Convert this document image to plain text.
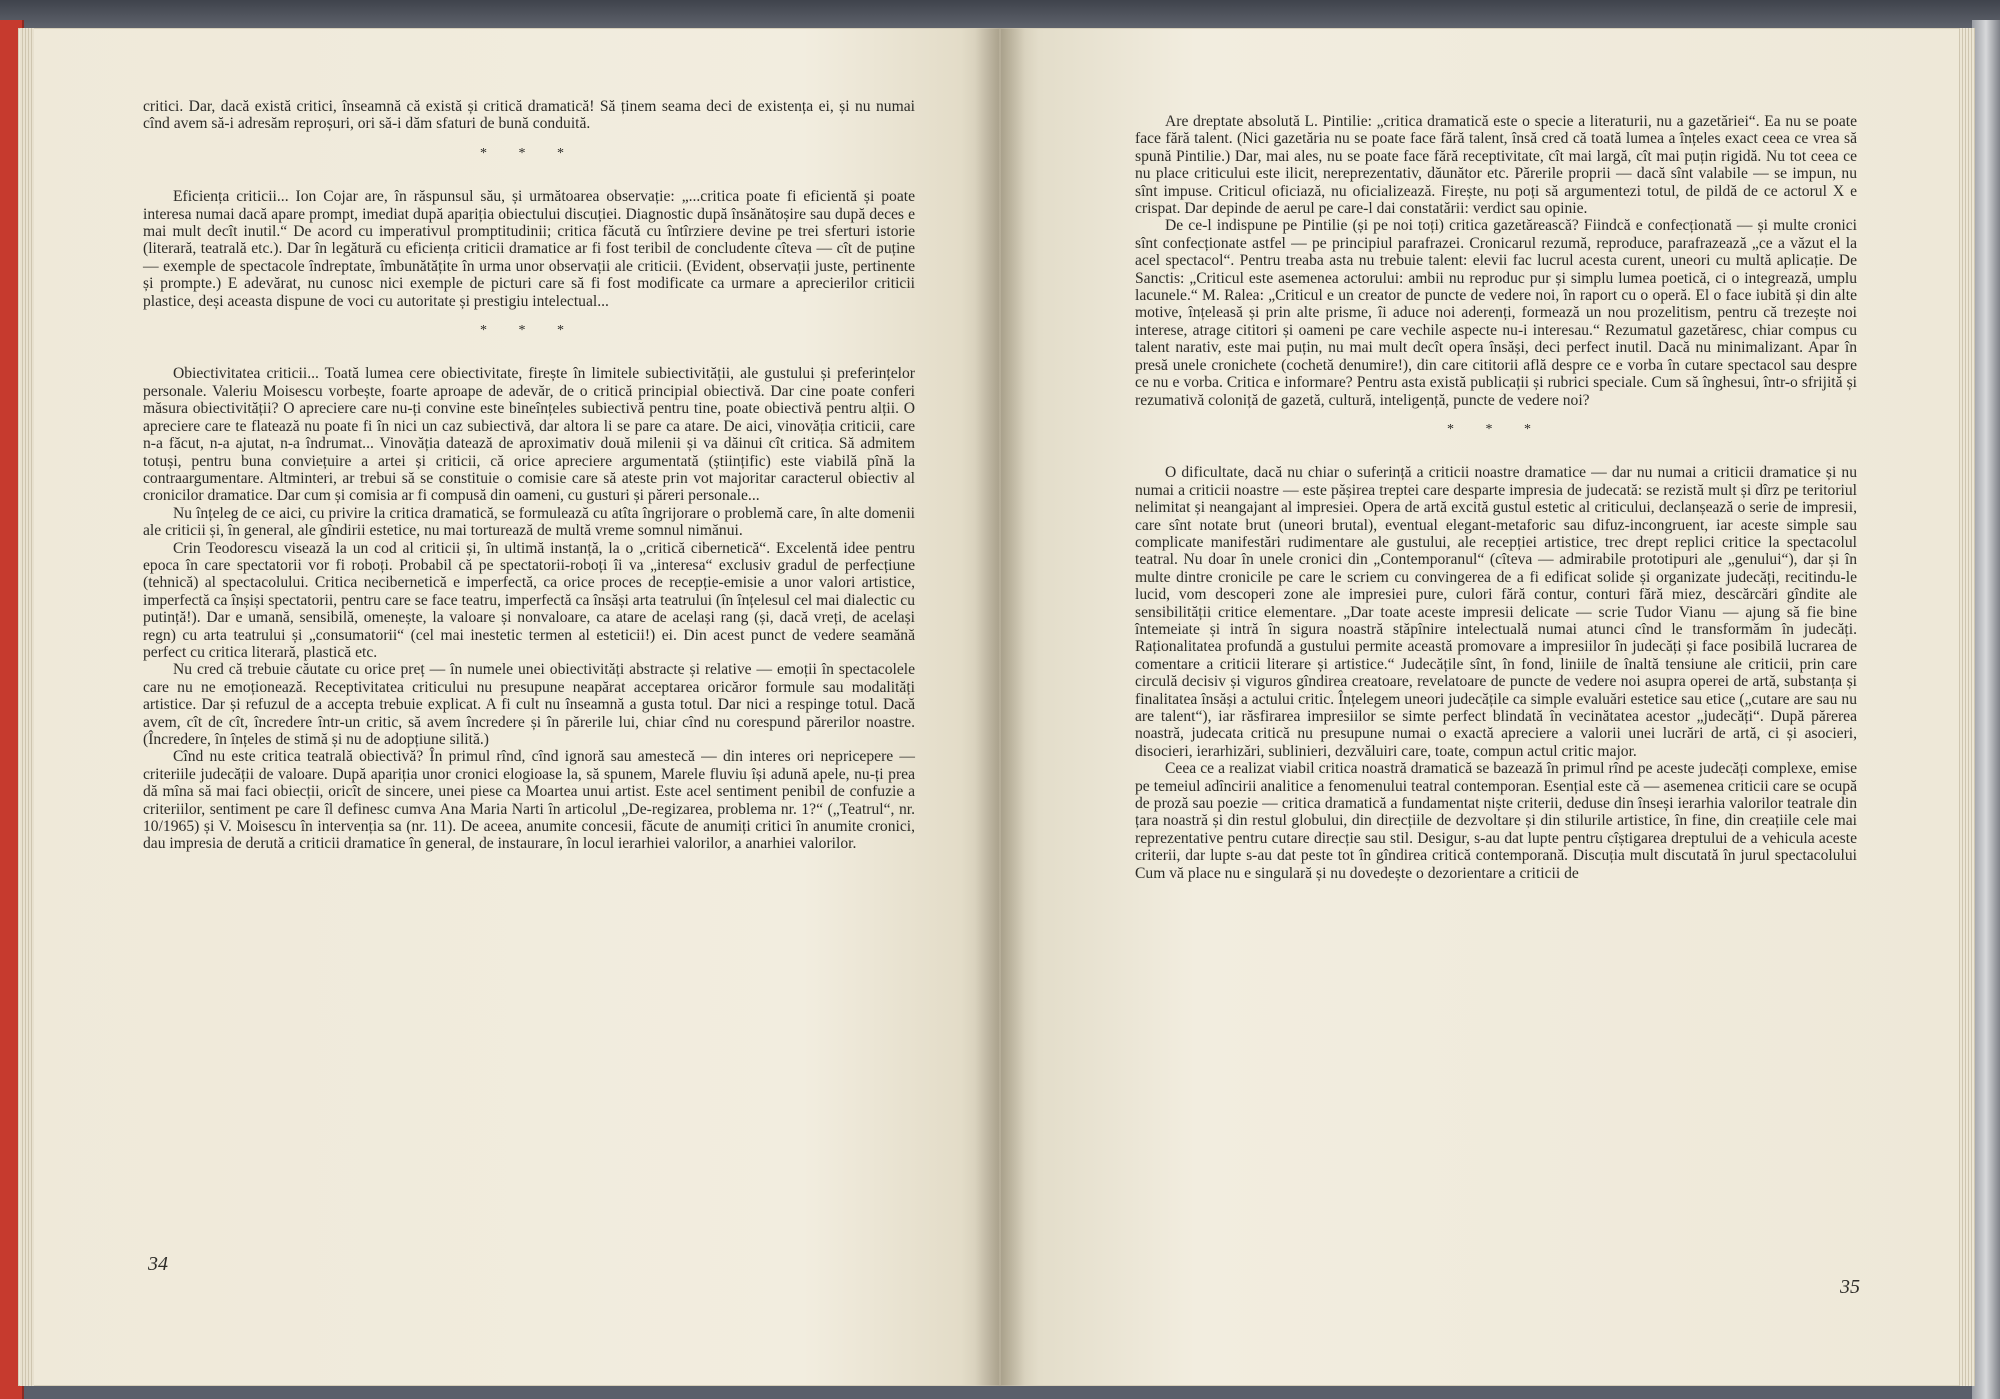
critici. Dar, dacă există critici, înseamnă că există și critică dramatică! Să ținem seama deci de existența ei, și nu numai cînd avem să-i adresăm reproșuri, ori să-i dăm sfaturi de bună conduită.

* * *

Eficiența criticii... Ion Cojar are, în răspunsul său, și următoarea observație: „...critica poate fi eficientă și poate interesa numai dacă apare prompt, imediat după apariția obiectului discuției. Diagnostic după însănătoșire sau după deces e mai mult decît inutil.“ De acord cu imperativul promptitudinii; critica făcută cu întîrziere devine pe trei sferturi istorie (literară, teatrală etc.). Dar în legătură cu eficiența criticii dramatice ar fi fost teribil de concludente cîteva — cît de puține — exemple de spectacole îndreptate, îmbunătățite în urma unor observații ale criticii. (Evident, observații juste, pertinente și prompte.) E adevărat, nu cunosc nici exemple de picturi care să fi fost modificate ca urmare a aprecierilor criticii plastice, deși aceasta dispune de voci cu autoritate și prestigiu intelectual...

* * *

Obiectivitatea criticii... Toată lumea cere obiectivitate, firește în limitele subiectivității, ale gustului și preferințelor personale. Valeriu Moisescu vorbește, foarte aproape de adevăr, de o critică principial obiectivă. Dar cine poate conferi măsura obiectivității? O apreciere care nu-ți convine este bineînțeles subiectivă pentru tine, poate obiectivă pentru alții. O apreciere care te flatează nu poate fi în nici un caz subiectivă, dar altora li se pare ca atare. De aici, vinovăția criticii, care n-a făcut, n-a ajutat, n-a îndrumat... Vinovăția datează de aproximativ două milenii și va dăinui cît critica. Să admitem totuși, pentru buna conviețuire a artei și criticii, că orice apreciere argumentată (științific) este viabilă pînă la contraargumentare. Altminteri, ar trebui să se constituie o comisie care să ateste prin vot majoritar caracterul obiectiv al cronicilor dramatice. Dar cum și comisia ar fi compusă din oameni, cu gusturi și păreri personale...

Nu înțeleg de ce aici, cu privire la critica dramatică, se formulează cu atîta îngrijorare o problemă care, în alte domenii ale criticii și, în general, ale gîndirii estetice, nu mai torturează de multă vreme somnul nimănui.

Crin Teodorescu visează la un cod al criticii și, în ultimă instanță, la o „critică cibernetică“. Excelentă idee pentru epoca în care spectatorii vor fi roboți. Probabil că pe spectatorii-roboți îi va „interesa“ exclusiv gradul de perfecțiune (tehnică) al spectacolului. Critica necibernetică e imperfectă, ca orice proces de recepție-emisie a unor valori artistice, imperfectă ca înșiși spectatorii, pentru care se face teatru, imperfectă ca însăși arta teatrului (în înțelesul cel mai dialectic cu putință!). Dar e umană, sensibilă, omenește, la valoare și nonvaloare, ca atare de același rang (și, dacă vreți, de același regn) cu arta teatrului și „consumatorii“ (cel mai inestetic termen al esteticii!) ei. Din acest punct de vedere seamănă perfect cu critica literară, plastică etc.

Nu cred că trebuie căutate cu orice preț — în numele unei obiectivități abstracte și relative — emoții în spectacolele care nu ne emoționează. Receptivitatea criticului nu presupune neapărat acceptarea oricăror formule sau modalități artistice. Dar și refuzul de a accepta trebuie explicat. A fi cult nu înseamnă a gusta totul. Dar nici a respinge totul. Dacă avem, cît de cît, încredere într-un critic, să avem încredere și în părerile lui, chiar cînd nu corespund părerilor noastre. (Încredere, în înțeles de stimă și nu de adopțiune silită.)

Cînd nu este critica teatrală obiectivă? În primul rînd, cînd ignoră sau amestecă — din interes ori nepricepere — criteriile judecății de valoare. După apariția unor cronici elogioase la, să spunem, Marele fluviu își adună apele, nu-ți prea dă mîna să mai faci obiecții, oricît de sincere, unei piese ca Moartea unui artist. Este acel sentiment penibil de confuzie a criteriilor, sentiment pe care îl definesc cumva Ana Maria Narti în articolul „De-regizarea, problema nr. 1?“ („Teatrul“, nr. 10/1965) și V. Moisescu în intervenția sa (nr. 11). De aceea, anumite concesii, făcute de anumiți critici în anumite cronici, dau impresia de derută a criticii dramatice în general, de instaurare, în locul ierarhiei valorilor, a anarhiei valorilor.

34

Are dreptate absolută L. Pintilie: „critica dramatică este o specie a literaturii, nu a gazetăriei“. Ea nu se poate face fără talent. (Nici gazetăria nu se poate face fără talent, însă cred că toată lumea a înțeles exact ceea ce vrea să spună Pintilie.) Dar, mai ales, nu se poate face fără receptivitate, cît mai largă, cît mai puțin rigidă. Nu tot ceea ce nu place criticului este ilicit, nereprezentativ, dăunător etc. Părerile proprii — dacă sînt valabile — se impun, nu sînt impuse. Criticul oficiază, nu oficializează. Firește, nu poți să argumentezi totul, de pildă de ce actorul X e crispat. Dar depinde de aerul pe care-l dai constatării: verdict sau opinie.

De ce-l indispune pe Pintilie (și pe noi toți) critica gazetărească? Fiindcă e confecționată — și multe cronici sînt confecționate astfel — pe principiul parafrazei. Cronicarul rezumă, reproduce, parafrazează „ce a văzut el la acel spectacol“. Pentru treaba asta nu trebuie talent: elevii fac lucrul acesta curent, uneori cu multă aplicație. De Sanctis: „Criticul este asemenea actorului: ambii nu reproduc pur și simplu lumea poetică, ci o integrează, umplu lacunele.“ M. Ralea: „Criticul e un creator de puncte de vedere noi, în raport cu o operă. El o face iubită și din alte motive, înțeleasă și prin alte prisme, îi aduce noi aderenți, formează un nou prozelitism, pentru că trezește noi interese, atrage cititori și oameni pe care vechile aspecte nu-i interesau.“ Rezumatul gazetăresc, chiar compus cu talent narativ, este mai puțin, nu mai mult decît opera însăși, deci perfect inutil. Dacă nu minimalizant. Apar în presă unele cronichete (cochetă denumire!), din care cititorii află despre ce e vorba în cutare spectacol sau despre ce nu e vorba. Critica e informare? Pentru asta există publicații și rubrici speciale. Cum să înghesui, într-o sfrijită și rezumativă coloniță de gazetă, cultură, inteligență, puncte de vedere noi?

* * *

O dificultate, dacă nu chiar o suferință a criticii noastre dramatice — dar nu numai a criticii dramatice și nu numai a criticii noastre — este pășirea treptei care desparte impresia de judecată: se rezistă mult și dîrz pe teritoriul nelimitat și neangajant al impresiei. Opera de artă excită gustul estetic al criticului, declanșează o serie de impresii, care sînt notate brut (uneori brutal), eventual elegant-metaforic sau difuz-incongruent, iar aceste simple sau complicate manifestări rudimentare ale gustului, ale recepției artistice, trec drept replici critice la spectacolul teatral. Nu doar în unele cronici din „Contemporanul“ (cîteva — admirabile prototipuri ale „genului“), dar și în multe dintre cronicile pe care le scriem cu convingerea de a fi edificat solide și organizate judecăți, recitindu-le lucid, vom descoperi zone ale impresiei pure, culori fără contur, conturi fără miez, descărcări gîndite ale sensibilității critice elementare. „Dar toate aceste impresii delicate — scrie Tudor Vianu — ajung să fie bine întemeiate și intră în sigura noastră stăpînire intelectuală numai atunci cînd le transformăm în judecăți. Raționalitatea profundă a gustului permite această promovare a impresiilor în judecăți și face posibilă lucrarea de comentare a criticii literare și artistice.“ Judecățile sînt, în fond, liniile de înaltă tensiune ale criticii, prin care circulă decisiv și viguros gîndirea creatoare, revelatoare de puncte de vedere noi asupra operei de artă, substanța și finalitatea însăși a actului critic. Înțelegem uneori judecățile ca simple evaluări estetice sau etice („cutare are sau nu are talent“), iar răsfirarea impresiilor se simte perfect blindată în vecinătatea acestor „judecăți“. După părerea noastră, judecata critică nu presupune numai o exactă apreciere a valorii unei lucrări de artă, ci și asocieri, disocieri, ierarhizări, sublinieri, dezvăluiri care, toate, compun actul critic major.

Ceea ce a realizat viabil critica noastră dramatică se bazează în primul rînd pe aceste judecăți complexe, emise pe temeiul adîncirii analitice a fenomenului teatral contemporan. Esențial este că — asemenea criticii care se ocupă de proză sau poezie — critica dramatică a fundamentat niște criterii, deduse din înseși ierarhia valorilor teatrale din țara noastră și din restul globului, din direcțiile de dezvoltare și din stilurile artistice, în fine, din creațiile cele mai reprezentative pentru cutare direcție sau stil. Desigur, s-au dat lupte pentru cîștigarea dreptului de a vehicula aceste criterii, dar lupte s-au dat peste tot în gîndirea critică contemporană. Discuția mult discutată în jurul spectacolului Cum vă place nu e singulară și nu dovedește o dezorientare a criticii de

35
